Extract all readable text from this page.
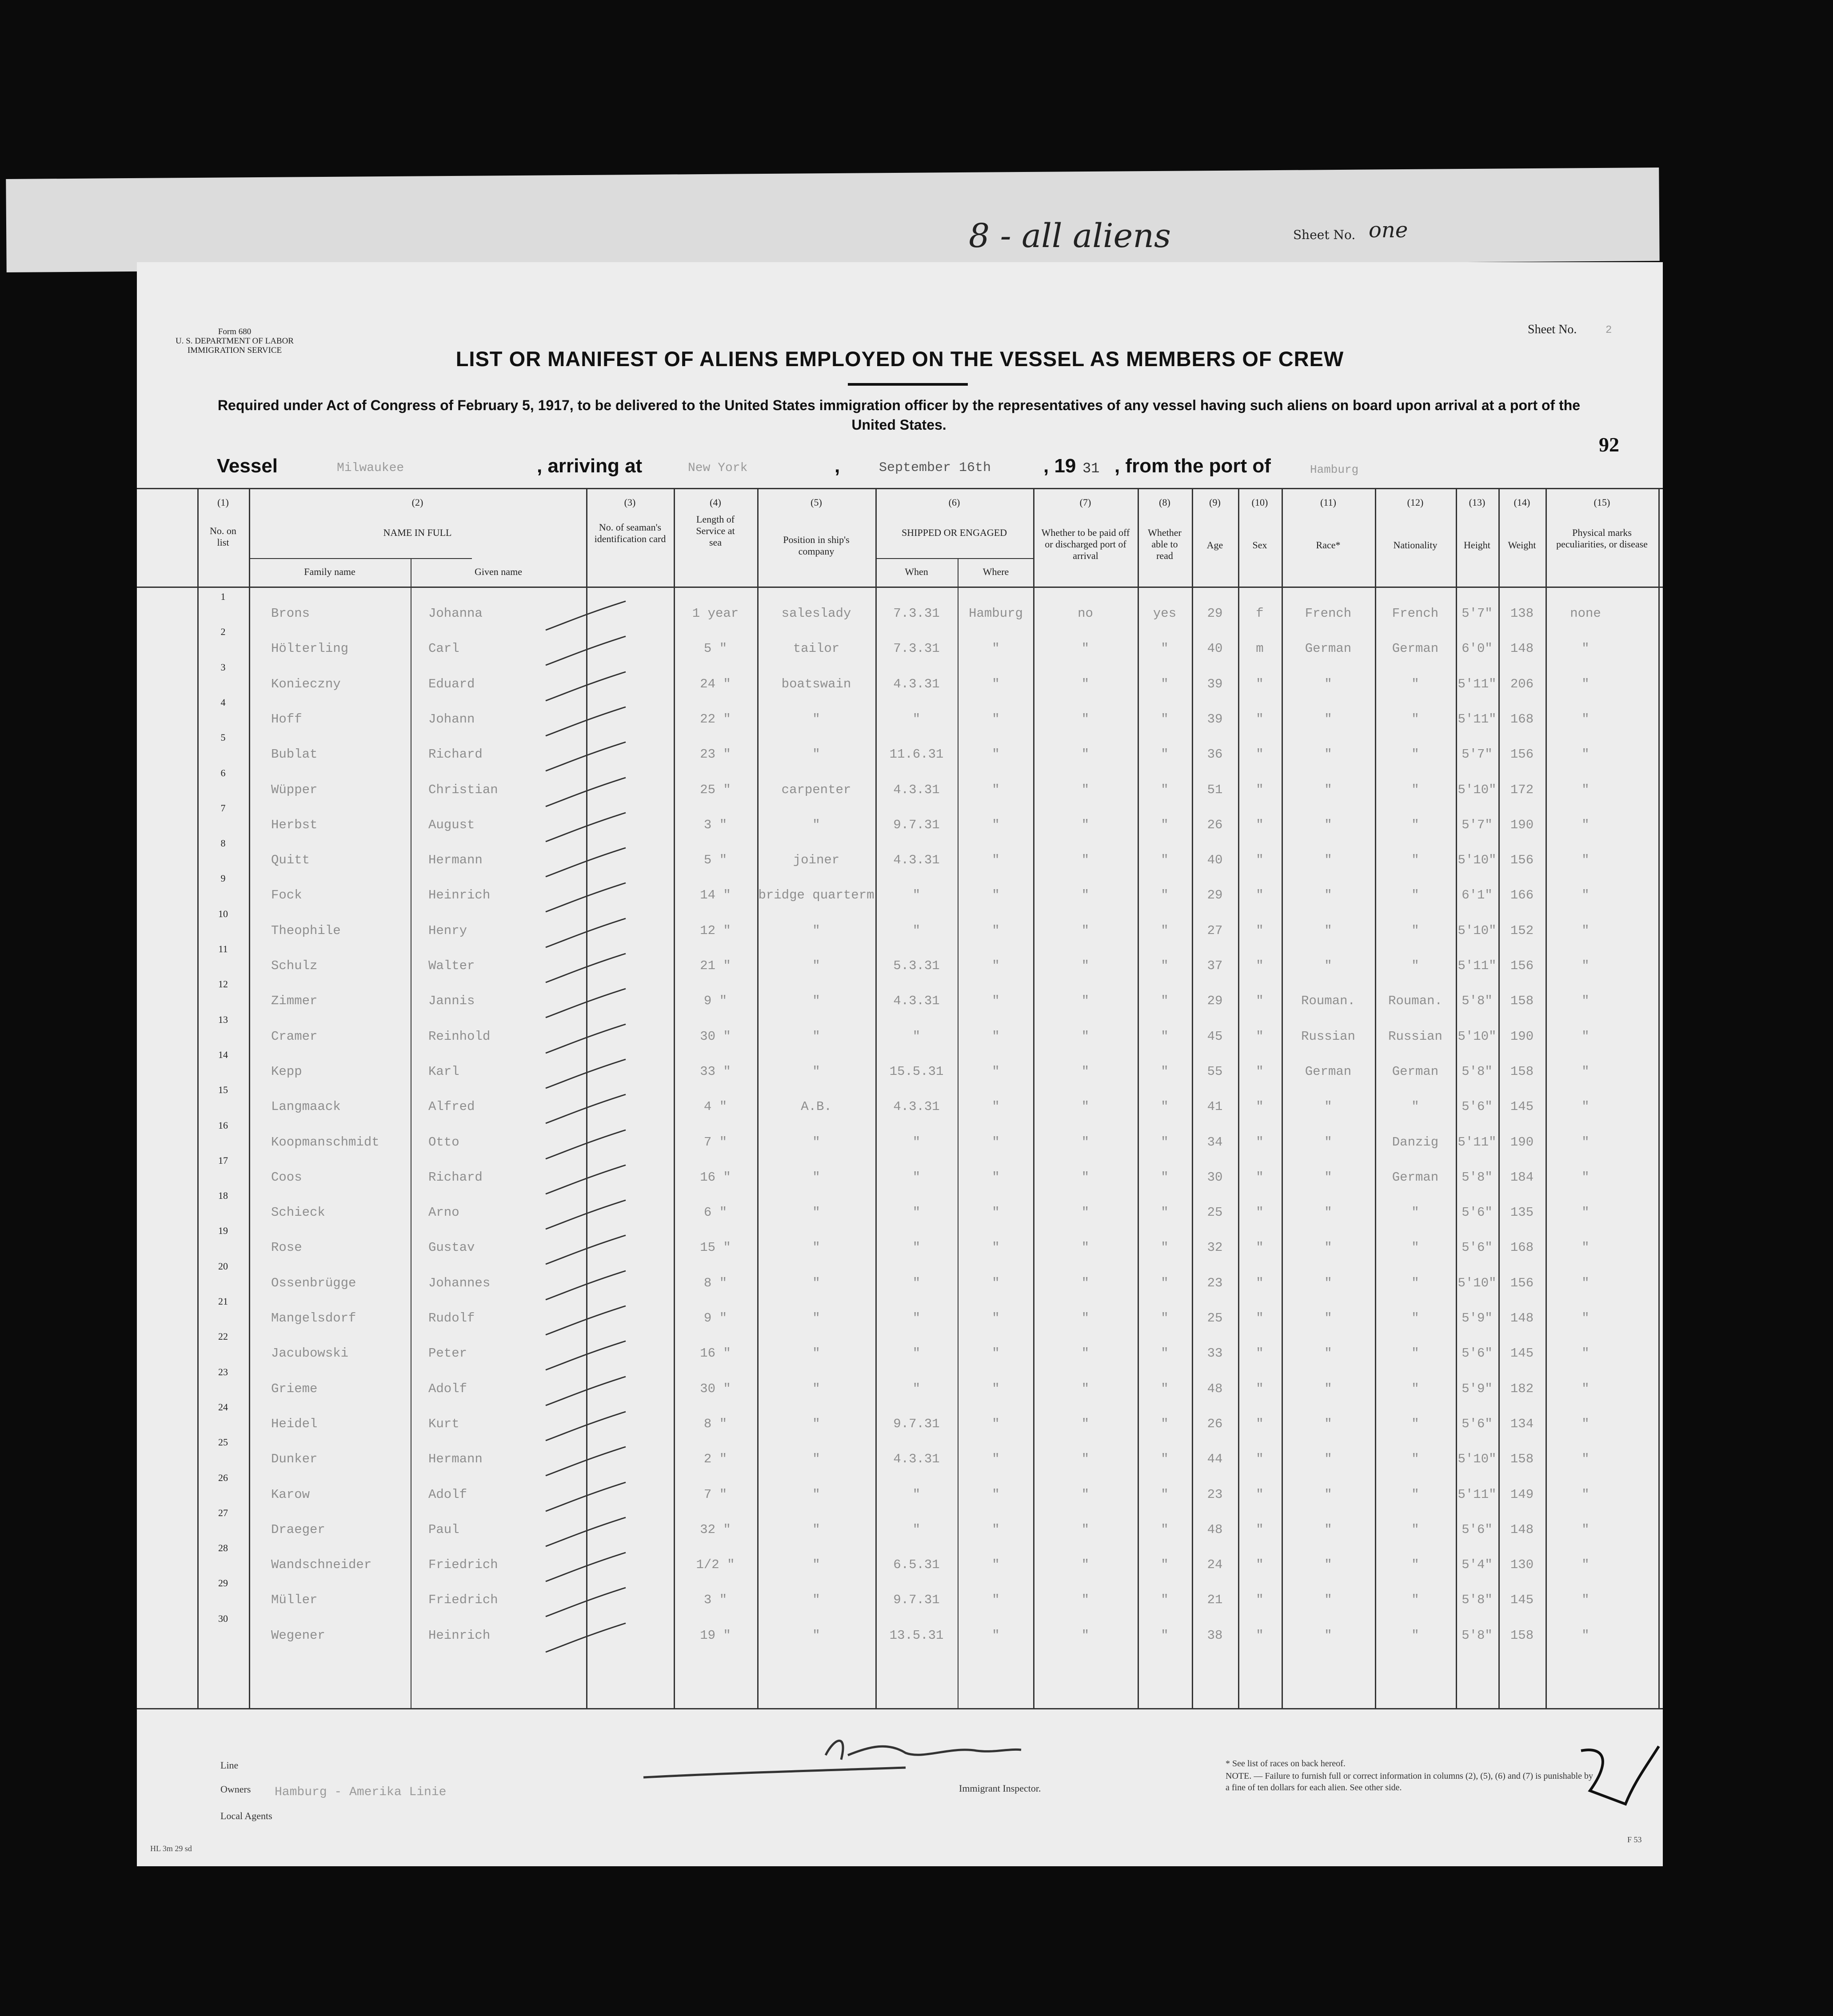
8 - all aliens	Sheet No. one
Form 680
U. S. DEPARTMENT OF LABOR
IMMIGRATION SERVICE
Sheet No.	2
LIST OR MANIFEST OF ALIENS EMPLOYED ON THE VESSEL AS MEMBERS OF CREW
Required under Act of Congress of February 5, 1917, to be delivered to the United States immigration officer by the representatives of any vessel having such aliens on board upon arrival at a port of the United States.
92
Vessel	Milwaukee	, arriving at	New York	,	September 16th	, 19 31 , from the port of	Hamburg
(1)
No. on list
(2)
NAME IN FULL
Family name	Given name
(3)
No. of seaman's identification card
(4)
Length of Service at sea
(5)
Position in ship's company
(6)
SHIPPED OR ENGAGED
When	Where
(7)
Whether to be paid off or discharged port of arrival
(8)
Whether able to read
(9)
Age
(10)
Sex
(11)
Race*
(12)
Nationality
(13)
Height
(14)
Weight
(15)
Physical marks peculiarities, or disease
1
Brons	Johanna	1 year	saleslady	7.3.31	Hamburg	no	yes	29	f	French	French	5'7"	138	none
2
Hölterling	Carl	5 "	tailor	7.3.31	"	"	"	40	m	German	German	6'0"	148	"
3
Konieczny	Eduard	24 "	boatswain	4.3.31	"	"	"	39	"	"	"	5'11"	206	"
4
Hoff	Johann	22 "	"	"	"	"	"	39	"	"	"	5'11"	168	"
5
Bublat	Richard	23 "	"	11.6.31	"	"	"	36	"	"	"	5'7"	156	"
6
Wüpper	Christian	25 "	carpenter	4.3.31	"	"	"	51	"	"	"	5'10"	172	"
7
Herbst	August	3 "	"	9.7.31	"	"	"	26	"	"	"	5'7"	190	"
8
Quitt	Hermann	5 "	joiner	4.3.31	"	"	"	40	"	"	"	5'10"	156	"
9
Fock	Heinrich	14 "	bridge quarterm	"	"	"	"	29	"	"	"	6'1"	166	"
10
Theophile	Henry	12 "	"	"	"	"	"	27	"	"	"	5'10"	152	"
11
Schulz	Walter	21 "	"	5.3.31	"	"	"	37	"	"	"	5'11"	156	"
12
Zimmer	Jannis	9 "	"	4.3.31	"	"	"	29	"	Rouman.	Rouman.	5'8"	158	"
13
Cramer	Reinhold	30 "	"	"	"	"	"	45	"	Russian	Russian	5'10"	190	"
14
Kepp	Karl	33 "	"	15.5.31	"	"	"	55	"	German	German	5'8"	158	"
15
Langmaack	Alfred	4 "	A.B.	4.3.31	"	"	"	41	"	"	"	5'6"	145	"
16
Koopmanschmidt	Otto	7 "	"	"	"	"	"	34	"	"	Danzig	5'11"	190	"
17
Coos	Richard	16 "	"	"	"	"	"	30	"	"	German	5'8"	184	"
18
Schieck	Arno	6 "	"	"	"	"	"	25	"	"	"	5'6"	135	"
19
Rose	Gustav	15 "	"	"	"	"	"	32	"	"	"	5'6"	168	"
20
Ossenbrügge	Johannes	8 "	"	"	"	"	"	23	"	"	"	5'10"	156	"
21
Mangelsdorf	Rudolf	9 "	"	"	"	"	"	25	"	"	"	5'9"	148	"
22
Jacubowski	Peter	16 "	"	"	"	"	"	33	"	"	"	5'6"	145	"
23
Grieme	Adolf	30 "	"	"	"	"	"	48	"	"	"	5'9"	182	"
24
Heidel	Kurt	8 "	"	9.7.31	"	"	"	26	"	"	"	5'6"	134	"
25
Dunker	Hermann	2 "	"	4.3.31	"	"	"	44	"	"	"	5'10"	158	"
26
Karow	Adolf	7 "	"	"	"	"	"	23	"	"	"	5'11"	149	"
27
Draeger	Paul	32 "	"	"	"	"	"	48	"	"	"	5'6"	148	"
28
Wandschneider	Friedrich	1/2 "	"	6.5.31	"	"	"	24	"	"	"	5'4"	130	"
29
Müller	Friedrich	3 "	"	9.7.31	"	"	"	21	"	"	"	5'8"	145	"
30
Wegener	Heinrich	19 "	"	13.5.31	"	"	"	38	"	"	"	5'8"	158	"
Line
Owners Hamburg - Amerika Linie
Local Agents
Immigrant Inspector.
* See list of races on back hereof.
NOTE. — Failure to furnish full or correct information in columns (2), (5), (6) and (7) is punishable by a fine of ten dollars for each alien. See other side.
HL 3m 29 sd
F 53
